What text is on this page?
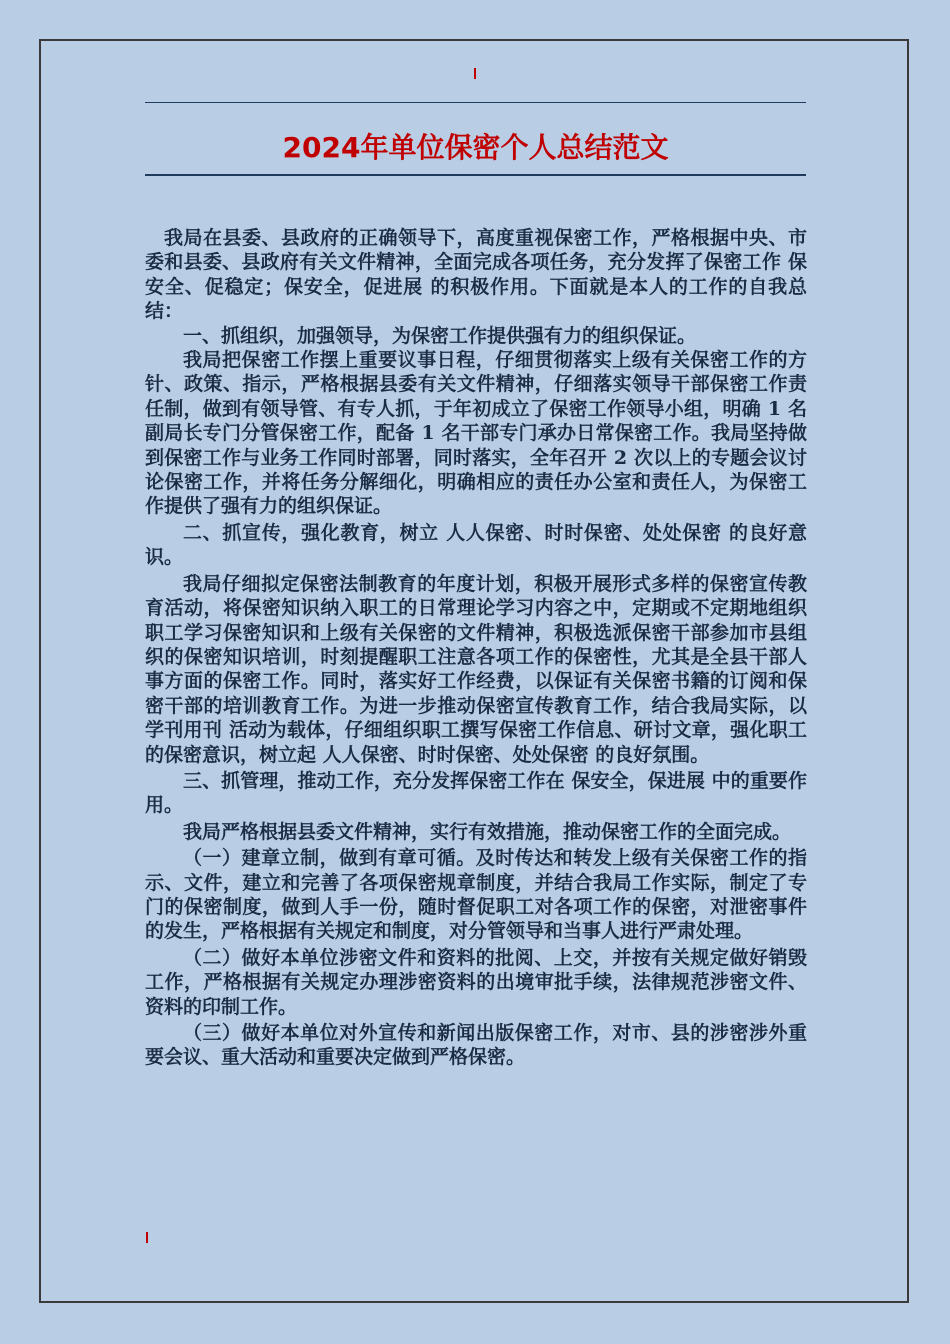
2024年单位保密个人总结范文

我局在县委、县政府的正确领导下，高度重视保密工作，严格根据中央、市委和县委、县政府有关文件精神，全面完成各项任务，充分发挥了保密工作 保安全、促稳定；保安全，促进展 的积极作用。下面就是本人的工作的自我总结：

一、抓组织，加强领导，为保密工作提供强有力的组织保证。

我局把保密工作摆上重要议事日程，仔细贯彻落实上级有关保密工作的方针、政策、指示，严格根据县委有关文件精神，仔细落实领导干部保密工作责任制，做到有领导管、有专人抓，于年初成立了保密工作领导小组，明确 1 名副局长专门分管保密工作，配备 1 名干部专门承办日常保密工作。我局坚持做到保密工作与业务工作同时部署，同时落实，全年召开 2 次以上的专题会议讨论保密工作，并将任务分解细化，明确相应的责任办公室和责任人，为保密工作提供了强有力的组织保证。

二、抓宣传，强化教育，树立 人人保密、时时保密、处处保密 的良好意识。

我局仔细拟定保密法制教育的年度计划，积极开展形式多样的保密宣传教育活动，将保密知识纳入职工的日常理论学习内容之中，定期或不定期地组织职工学习保密知识和上级有关保密的文件精神，积极选派保密干部参加市县组织的保密知识培训，时刻提醒职工注意各项工作的保密性，尤其是全县干部人事方面的保密工作。同时，落实好工作经费，以保证有关保密书籍的订阅和保密干部的培训教育工作。为进一步推动保密宣传教育工作，结合我局实际，以 学刊用刊 活动为载体，仔细组织职工撰写保密工作信息、研讨文章，强化职工的保密意识，树立起 人人保密、时时保密、处处保密 的良好氛围。

三、抓管理，推动工作，充分发挥保密工作在 保安全，保进展 中的重要作用。

我局严格根据县委文件精神，实行有效措施，推动保密工作的全面完成。

（一）建章立制，做到有章可循。及时传达和转发上级有关保密工作的指示、文件，建立和完善了各项保密规章制度，并结合我局工作实际，制定了专门的保密制度，做到人手一份，随时督促职工对各项工作的保密，对泄密事件的发生，严格根据有关规定和制度，对分管领导和当事人进行严肃处理。

（二）做好本单位涉密文件和资料的批阅、上交，并按有关规定做好销毁工作，严格根据有关规定办理涉密资料的出境审批手续，法律规范涉密文件、资料的印制工作。

（三）做好本单位对外宣传和新闻出版保密工作，对市、县的涉密涉外重要会议、重大活动和重要决定做到严格保密。
